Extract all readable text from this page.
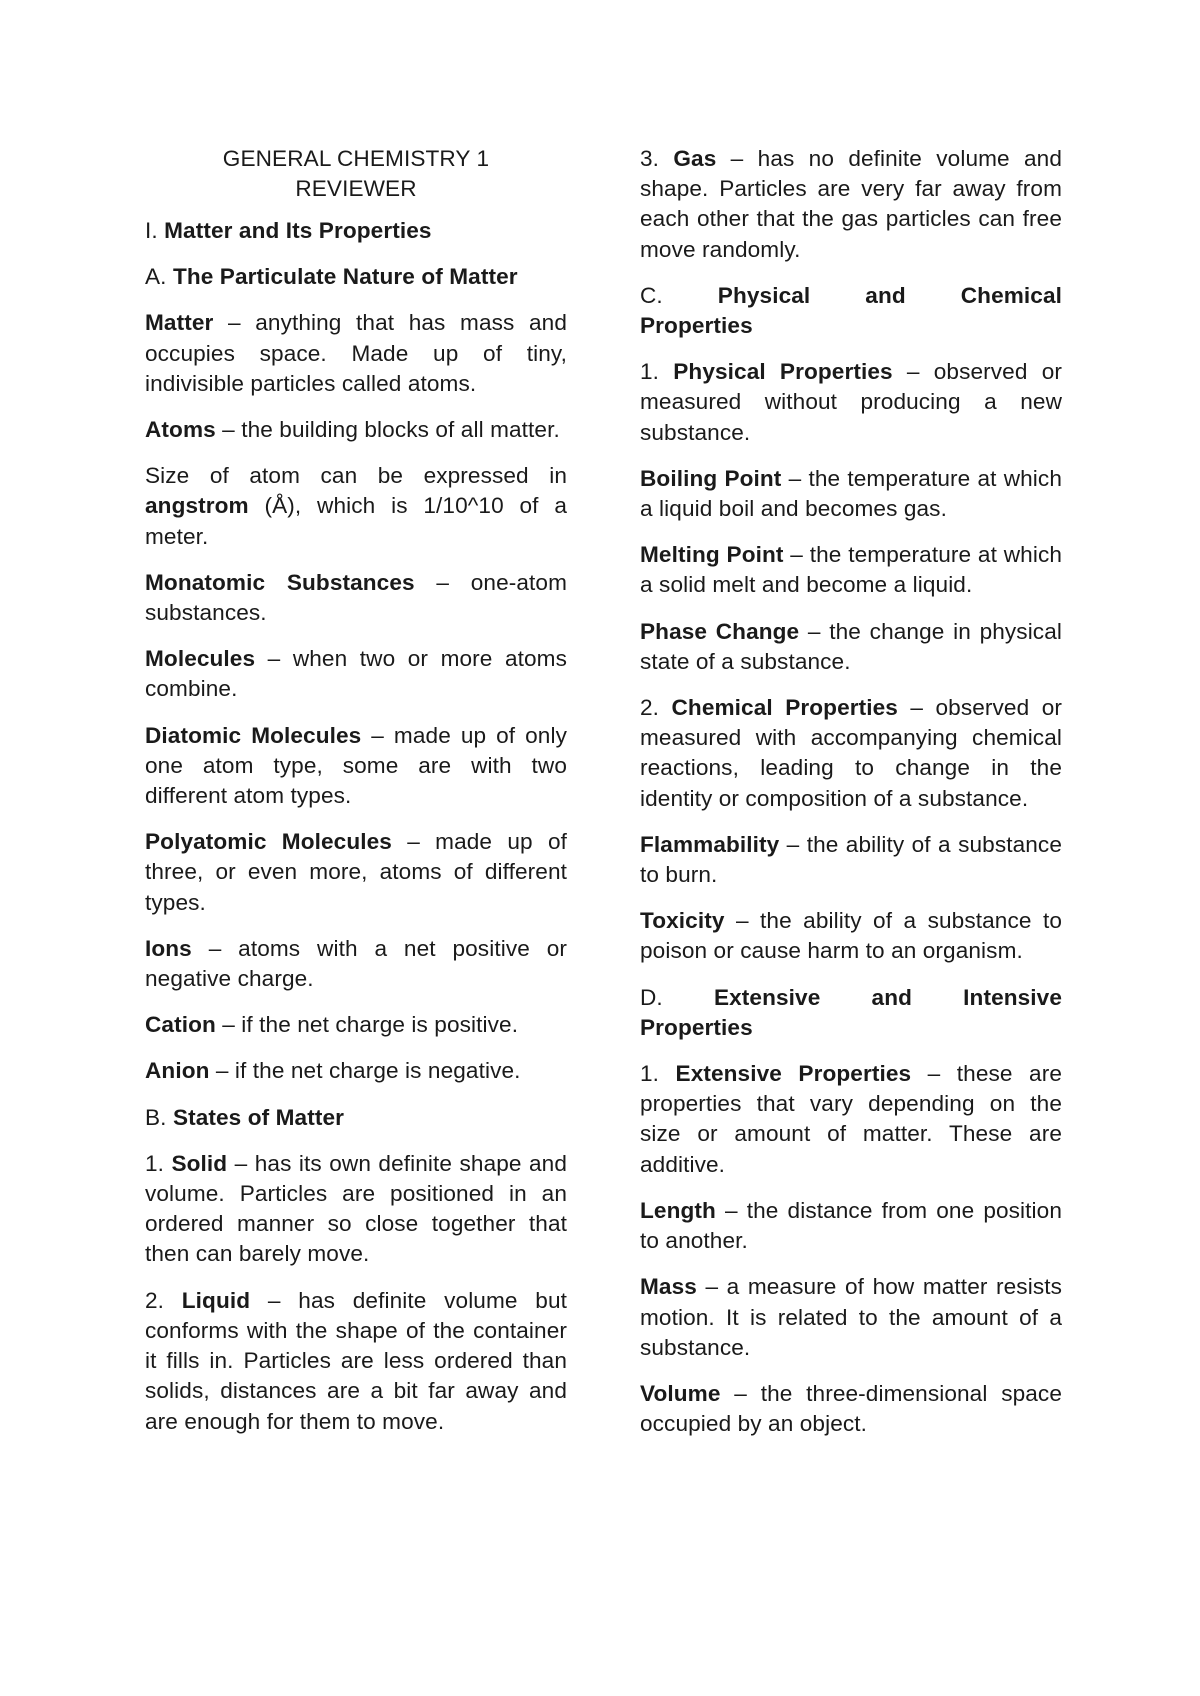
GENERAL CHEMISTRY 1
REVIEWER
I. Matter and Its Properties
A. The Particulate Nature of Matter

Matter – anything that has mass and occupies space. Made up of tiny, indivisible particles called atoms.

Atoms – the building blocks of all matter.

Size of atom can be expressed in angstrom (Å), which is 1/10^10 of a meter.

Monatomic Substances – one-atom substances.

Molecules – when two or more atoms combine.

Diatomic Molecules – made up of only one atom type, some are with two different atom types.

Polyatomic Molecules – made up of three, or even more, atoms of different types.

Ions – atoms with a net positive or negative charge.

Cation – if the net charge is positive.

Anion – if the net charge is negative.

B. States of Matter

1. Solid – has its own definite shape and volume. Particles are positioned in an ordered manner so close together that then can barely move.

2. Liquid – has definite volume but conforms with the shape of the container it fills in. Particles are less ordered than solids, distances are a bit far away and are enough for them to move.

3. Gas – has no definite volume and shape. Particles are very far away from each other that the gas particles can free move randomly.

C. Physical and Chemical
Properties

1. Physical Properties – observed or measured without producing a new substance.

Boiling Point – the temperature at which a liquid boil and becomes gas.

Melting Point – the temperature at which a solid melt and become a liquid.

Phase Change – the change in physical state of a substance.

2. Chemical Properties – observed or measured with accompanying chemical reactions, leading to change in the identity or composition of a substance.

Flammability – the ability of a substance to burn.

Toxicity – the ability of a substance to poison or cause harm to an organism.

D. Extensive and Intensive
Properties

1. Extensive Properties – these are properties that vary depending on the size or amount of matter. These are additive.

Length – the distance from one position to another.

Mass – a measure of how matter resists motion. It is related to the amount of a substance.

Volume – the three-dimensional space occupied by an object.
